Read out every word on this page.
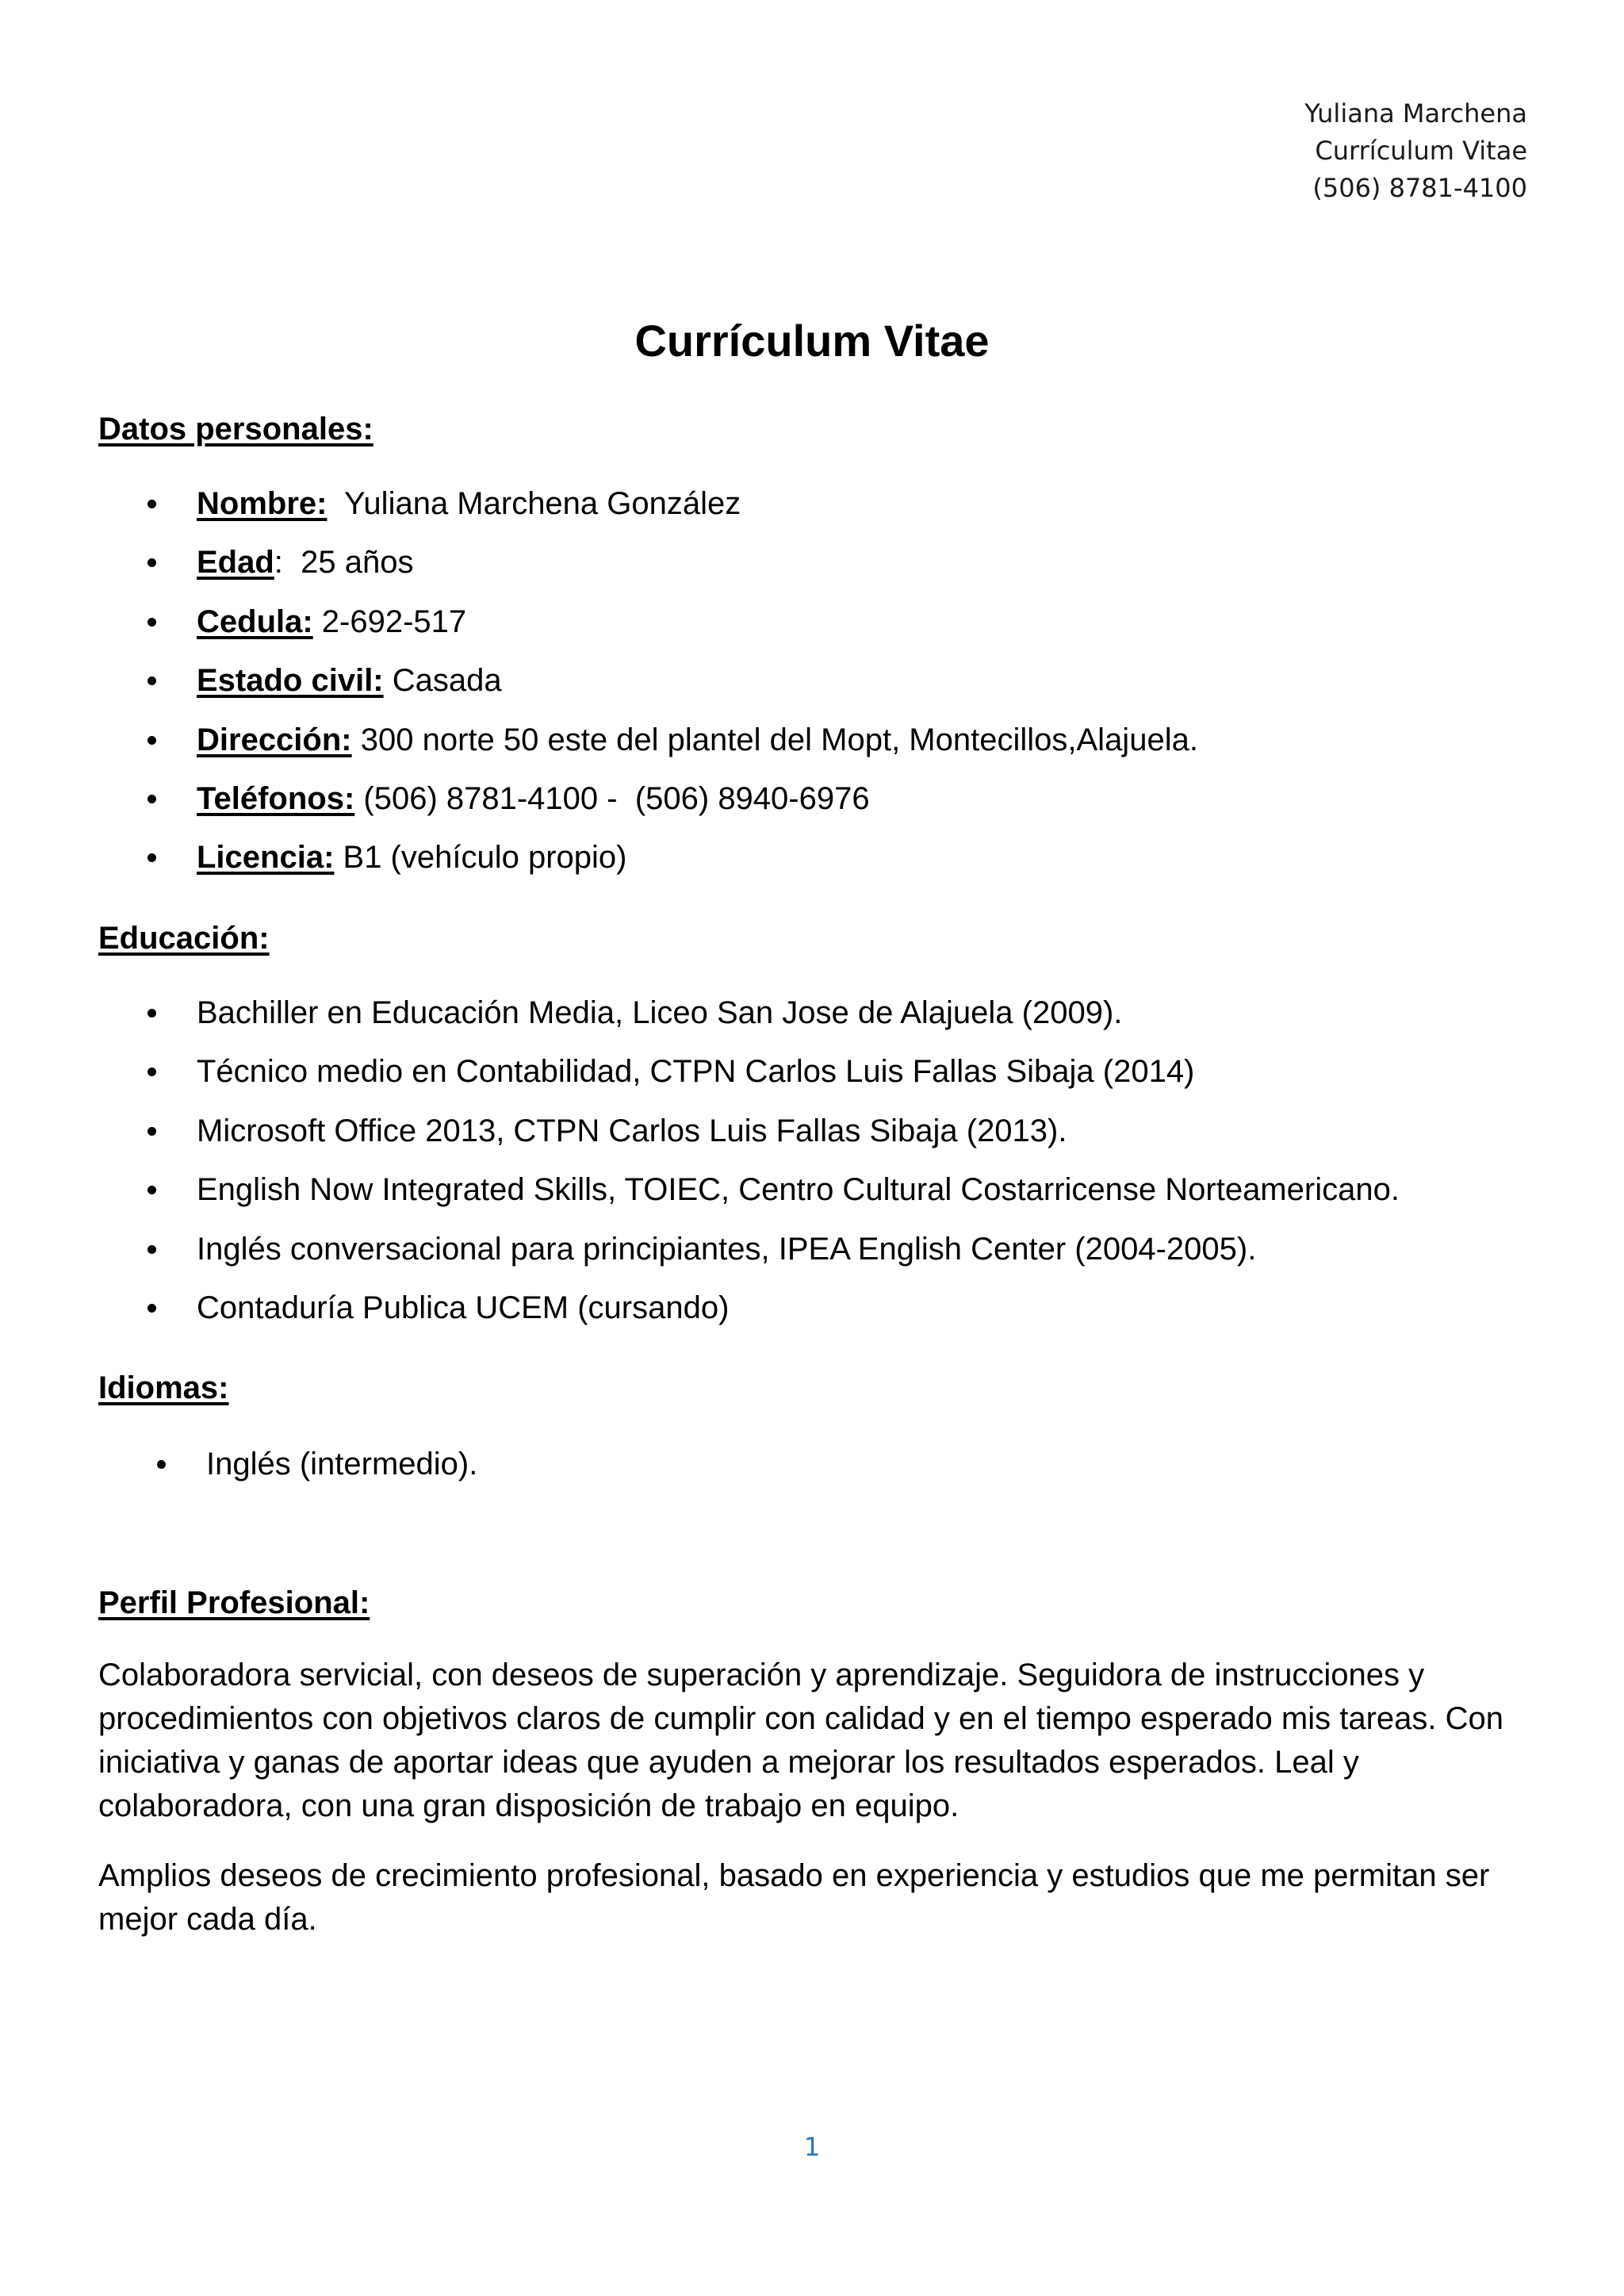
Yuliana Marchena
Currículum Vitae
(506) 8781-4100
Currículum Vitae
Datos personales:
Nombre:  Yuliana Marchena González
Edad:  25 años
Cedula: 2-692-517
Estado civil: Casada
Dirección: 300 norte 50 este del plantel del Mopt, Montecillos,Alajuela.
Teléfonos: (506) 8781-4100 -  (506) 8940-6976
Licencia: B1 (vehículo propio)
Educación:
Bachiller en Educación Media, Liceo San Jose de Alajuela (2009).
Técnico medio en Contabilidad, CTPN Carlos Luis Fallas Sibaja (2014)
Microsoft Office 2013, CTPN Carlos Luis Fallas Sibaja (2013).
English Now Integrated Skills, TOIEC, Centro Cultural Costarricense Norteamericano.
Inglés conversacional para principiantes, IPEA English Center (2004-2005).
Contaduría Publica UCEM (cursando)
Idiomas:
Inglés (intermedio).
Perfil Profesional:

Colaboradora servicial, con deseos de superación y aprendizaje. Seguidora de instrucciones y procedimientos con objetivos claros de cumplir con calidad y en el tiempo esperado mis tareas. Con iniciativa y ganas de aportar ideas que ayuden a mejorar los resultados esperados. Leal y colaboradora, con una gran disposición de trabajo en equipo.

Amplios deseos de crecimiento profesional, basado en experiencia y estudios que me permitan ser mejor cada día.

1
